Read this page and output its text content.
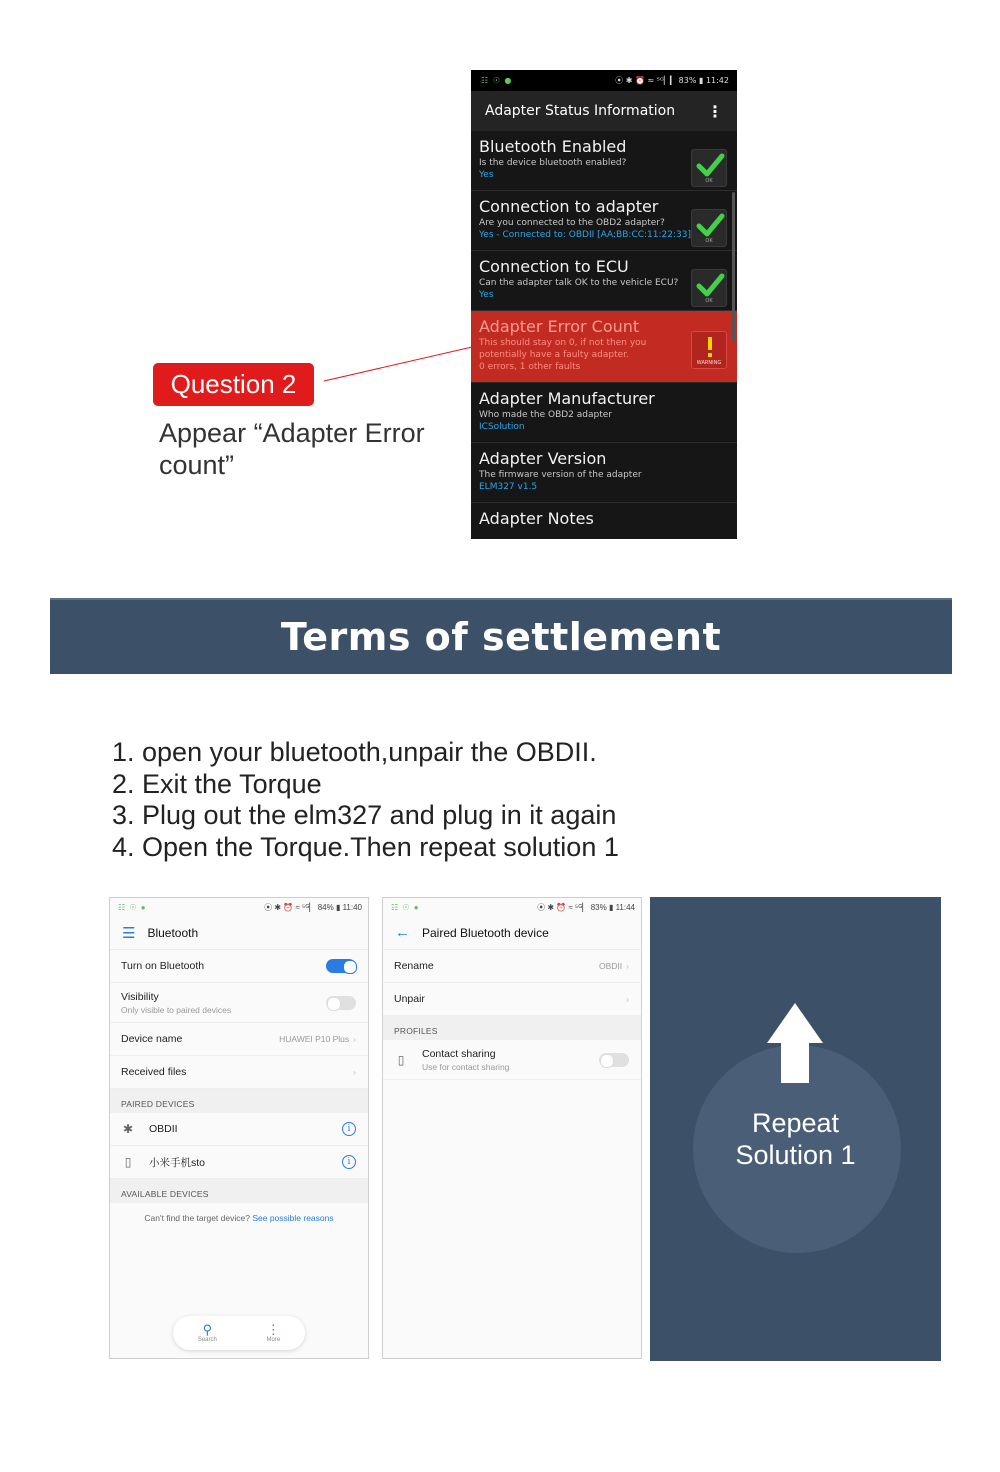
☷ ☉ ●	⦿ ✱ ⏰ ≈ ⁵ᴳ▏▎ 83% ▮ 11:42
Adapter Status Information ⋮
Bluetooth Enabled
Is the device bluetooth enabled?
Yes
OK
Connection to adapter
Are you connected to the OBD2 adapter?
Yes - Connected to: OBDII [AA:BB:CC:11:22:33]
OK
Connection to ECU
Can the adapter talk OK to the vehicle ECU?
Yes
OK
Adapter Error Count
This should stay on 0, if not then you potentially have a faulty adapter.
0 errors, 1 other faults	WARNING
Adapter Manufacturer
Who made the OBD2 adapter
ICSolution
Adapter Version
The firmware version of the adapter
ELM327 v1.5
Adapter Notes
Question 2
Appear “Adapter Error
count”
Terms of settlement
1. open your bluetooth,unpair the OBDII.
2. Exit the Torque
3. Plug out the elm327 and plug in it again
4. Open the Torque.Then repeat solution 1
☷ ☉ ●	⦿ ✱ ⏰ ≈ ⁵ᴳ▏ 84% ▮ 11:40
☰ Bluetooth
Turn on Bluetooth
Visibility
Only visible to paired devices
Device name	HUAWEI P10 Plus ›
Received files	›
PAIRED DEVICES
✱ OBDII	i
▯	小米手机sto	i
AVAILABLE DEVICES
Can't find the target device? See possible reasons
⚲
Search
⋮
More
☷ ☉ ●	⦿ ✱ ⏰ ≈ ⁵ᴳ▏ 83% ▮ 11:44
← Paired Bluetooth device
Rename	OBDII ›
Unpair	›
PROFILES
▯	Contact sharing
Use for contact sharing
Repeat
Solution 1
